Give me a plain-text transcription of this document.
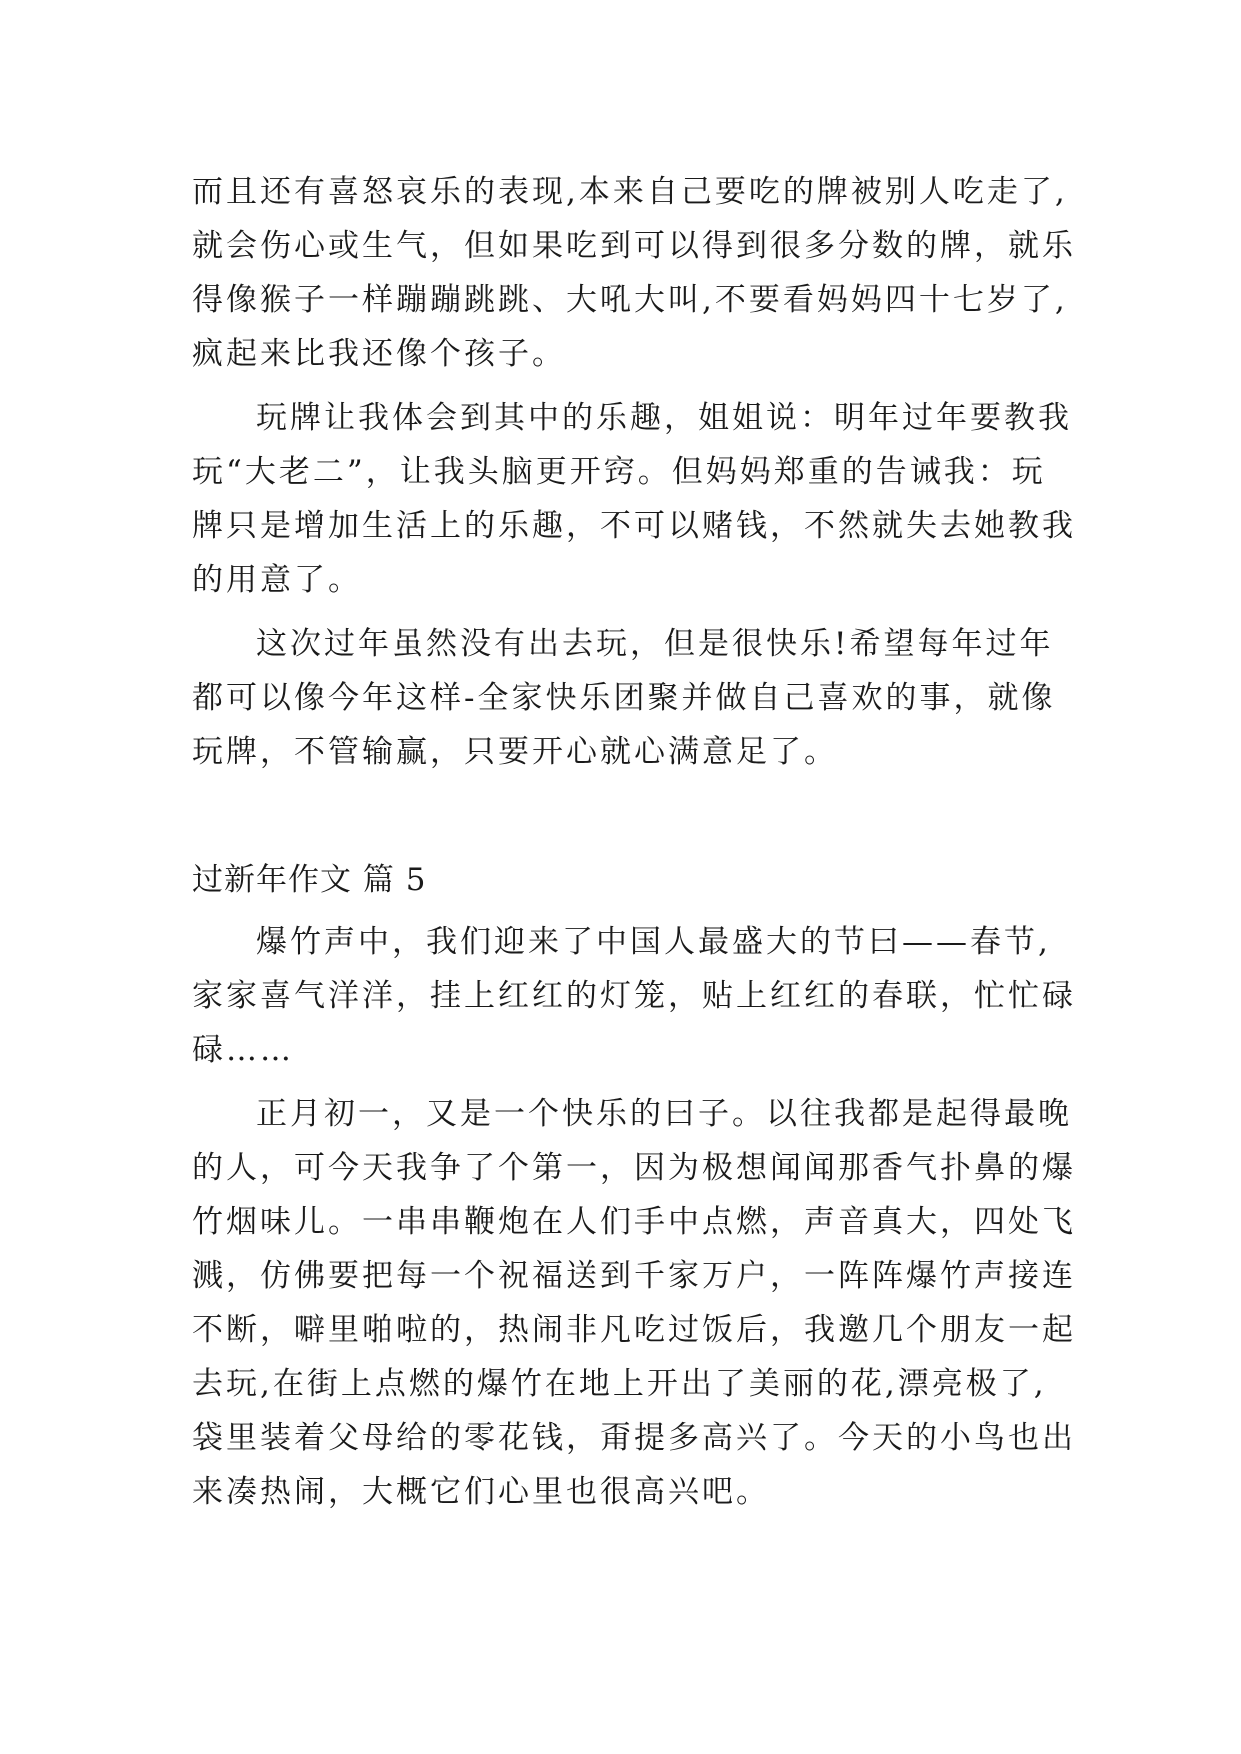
而且还有喜怒哀乐的表现,本来自己要吃的牌被别人吃走了,
就会伤心或生气，但如果吃到可以得到很多分数的牌，就乐
得像猴子一样蹦蹦跳跳、大吼大叫,不要看妈妈四十七岁了,
疯起来比我还像个孩子。
玩牌让我体会到其中的乐趣，姐姐说：明年过年要教我
玩“大老二”，让我头脑更开窍。但妈妈郑重的告诫我：玩
牌只是增加生活上的乐趣，不可以赌钱，不然就失去她教我
的用意了。
这次过年虽然没有出去玩，但是很快乐!希望每年过年
都可以像今年这样-全家快乐团聚并做自己喜欢的事，就像
玩牌，不管输赢，只要开心就心满意足了。
过新年作文 篇 5
爆竹声中，我们迎来了中国人最盛大的节曰——春节,
家家喜气洋洋，挂上红红的灯笼，贴上红红的春联，忙忙碌
碌……
正月初一，又是一个快乐的曰子。以往我都是起得最晚
的人，可今天我争了个第一，因为极想闻闻那香气扑鼻的爆
竹烟味儿。一串串鞭炮在人们手中点燃，声音真大，四处飞
溅，仿佛要把每一个祝福送到千家万户，一阵阵爆竹声接连
不断，噼里啪啦的，热闹非凡吃过饭后，我邀几个朋友一起
去玩,在街上点燃的爆竹在地上开出了美丽的花,漂亮极了,
袋里装着父母给的零花钱，甭提多高兴了。今天的小鸟也出
来凑热闹，大概它们心里也很高兴吧。
